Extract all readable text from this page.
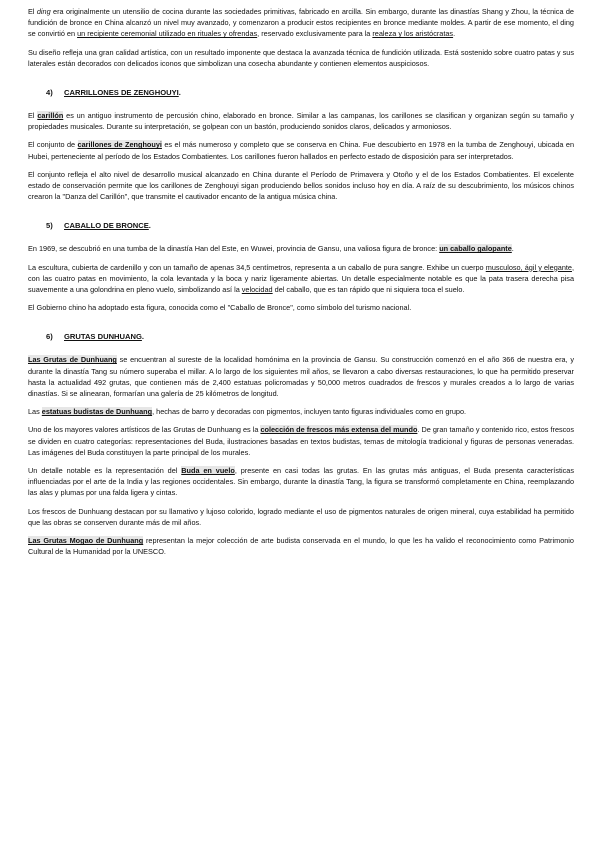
El ding era originalmente un utensilio de cocina durante las sociedades primitivas, fabricado en arcilla. Sin embargo, durante las dinastías Shang y Zhou, la técnica de fundición de bronce en China alcanzó un nivel muy avanzado, y comenzaron a producir estos recipientes en bronce mediante moldes. A partir de ese momento, el ding se convirtió en un recipiente ceremonial utilizado en rituales y ofrendas, reservado exclusivamente para la realeza y los aristócratas.

Su diseño refleja una gran calidad artística, con un resultado imponente que destaca la avanzada técnica de fundición utilizada. Está sostenido sobre cuatro patas y sus laterales están decorados con delicados iconos que simbolizan una cosecha abundante y contienen elementos auspiciosos.

4) CARRILLONES DE ZENGHOUYI.

El carillón es un antiguo instrumento de percusión chino, elaborado en bronce. Similar a las campanas, los carillones se clasifican y organizan según su tamaño y propiedades musicales. Durante su interpretación, se golpean con un bastón, produciendo sonidos claros, delicados y armoniosos.

El conjunto de carillones de Zenghouyi es el más numeroso y completo que se conserva en China. Fue descubierto en 1978 en la tumba de Zenghouyi, ubicada en Hubei, perteneciente al período de los Estados Combatientes. Los carillones fueron hallados en perfecto estado de disposición para ser interpretados.

El conjunto refleja el alto nivel de desarrollo musical alcanzado en China durante el Período de Primavera y Otoño y el de los Estados Combatientes. El excelente estado de conservación permite que los carillones de Zenghouyi sigan produciendo bellos sonidos incluso hoy en día. A raíz de su descubrimiento, los músicos chinos crearon la "Danza del Carillón", que transmite el cautivador encanto de la antigua música china.

5) CABALLO DE BRONCE.

En 1969, se descubrió en una tumba de la dinastía Han del Este, en Wuwei, provincia de Gansu, una valiosa figura de bronce: un caballo galopante.

La escultura, cubierta de cardenillo y con un tamaño de apenas 34,5 centímetros, representa a un caballo de pura sangre. Exhibe un cuerpo musculoso, ágil y elegante, con las cuatro patas en movimiento, la cola levantada y la boca y nariz ligeramente abiertas. Un detalle especialmente notable es que la pata trasera derecha pisa suavemente a una golondrina en pleno vuelo, simbolizando así la velocidad del caballo, que es tan rápido que ni siquiera toca el suelo.

El Gobierno chino ha adoptado esta figura, conocida como el "Caballo de Bronce", como símbolo del turismo nacional.

6) GRUTAS DUNHUANG.

Las Grutas de Dunhuang se encuentran al sureste de la localidad homónima en la provincia de Gansu. Su construcción comenzó en el año 366 de nuestra era, y durante la dinastía Tang su número superaba el millar. A lo largo de los siguientes mil años, se llevaron a cabo diversas restauraciones, lo que ha permitido preservar hasta la actualidad 492 grutas, que contienen más de 2,400 estatuas policromadas y 50,000 metros cuadrados de frescos y murales creados a lo largo de varias dinastías. Si se alinearan, formarían una galería de 25 kilómetros de longitud.

Las estatuas budistas de Dunhuang, hechas de barro y decoradas con pigmentos, incluyen tanto figuras individuales como en grupo.

Uno de los mayores valores artísticos de las Grutas de Dunhuang es la colección de frescos más extensa del mundo. De gran tamaño y contenido rico, estos frescos se dividen en cuatro categorías: representaciones del Buda, ilustraciones basadas en textos budistas, temas de mitología tradicional y figuras de personas veneradas. Las imágenes del Buda constituyen la parte principal de los murales.

Un detalle notable es la representación del Buda en vuelo, presente en casi todas las grutas. En las grutas más antiguas, el Buda presenta características influenciadas por el arte de la India y las regiones occidentales. Sin embargo, durante la dinastía Tang, la figura se transformó completamente en China, reemplazando las alas y plumas por una falda ligera y cintas.

Los frescos de Dunhuang destacan por su llamativo y lujoso colorido, logrado mediante el uso de pigmentos naturales de origen mineral, cuya estabilidad ha permitido que las obras se conserven durante más de mil años.

Las Grutas Mogao de Dunhuang representan la mejor colección de arte budista conservada en el mundo, lo que les ha valido el reconocimiento como Patrimonio Cultural de la Humanidad por la UNESCO.
